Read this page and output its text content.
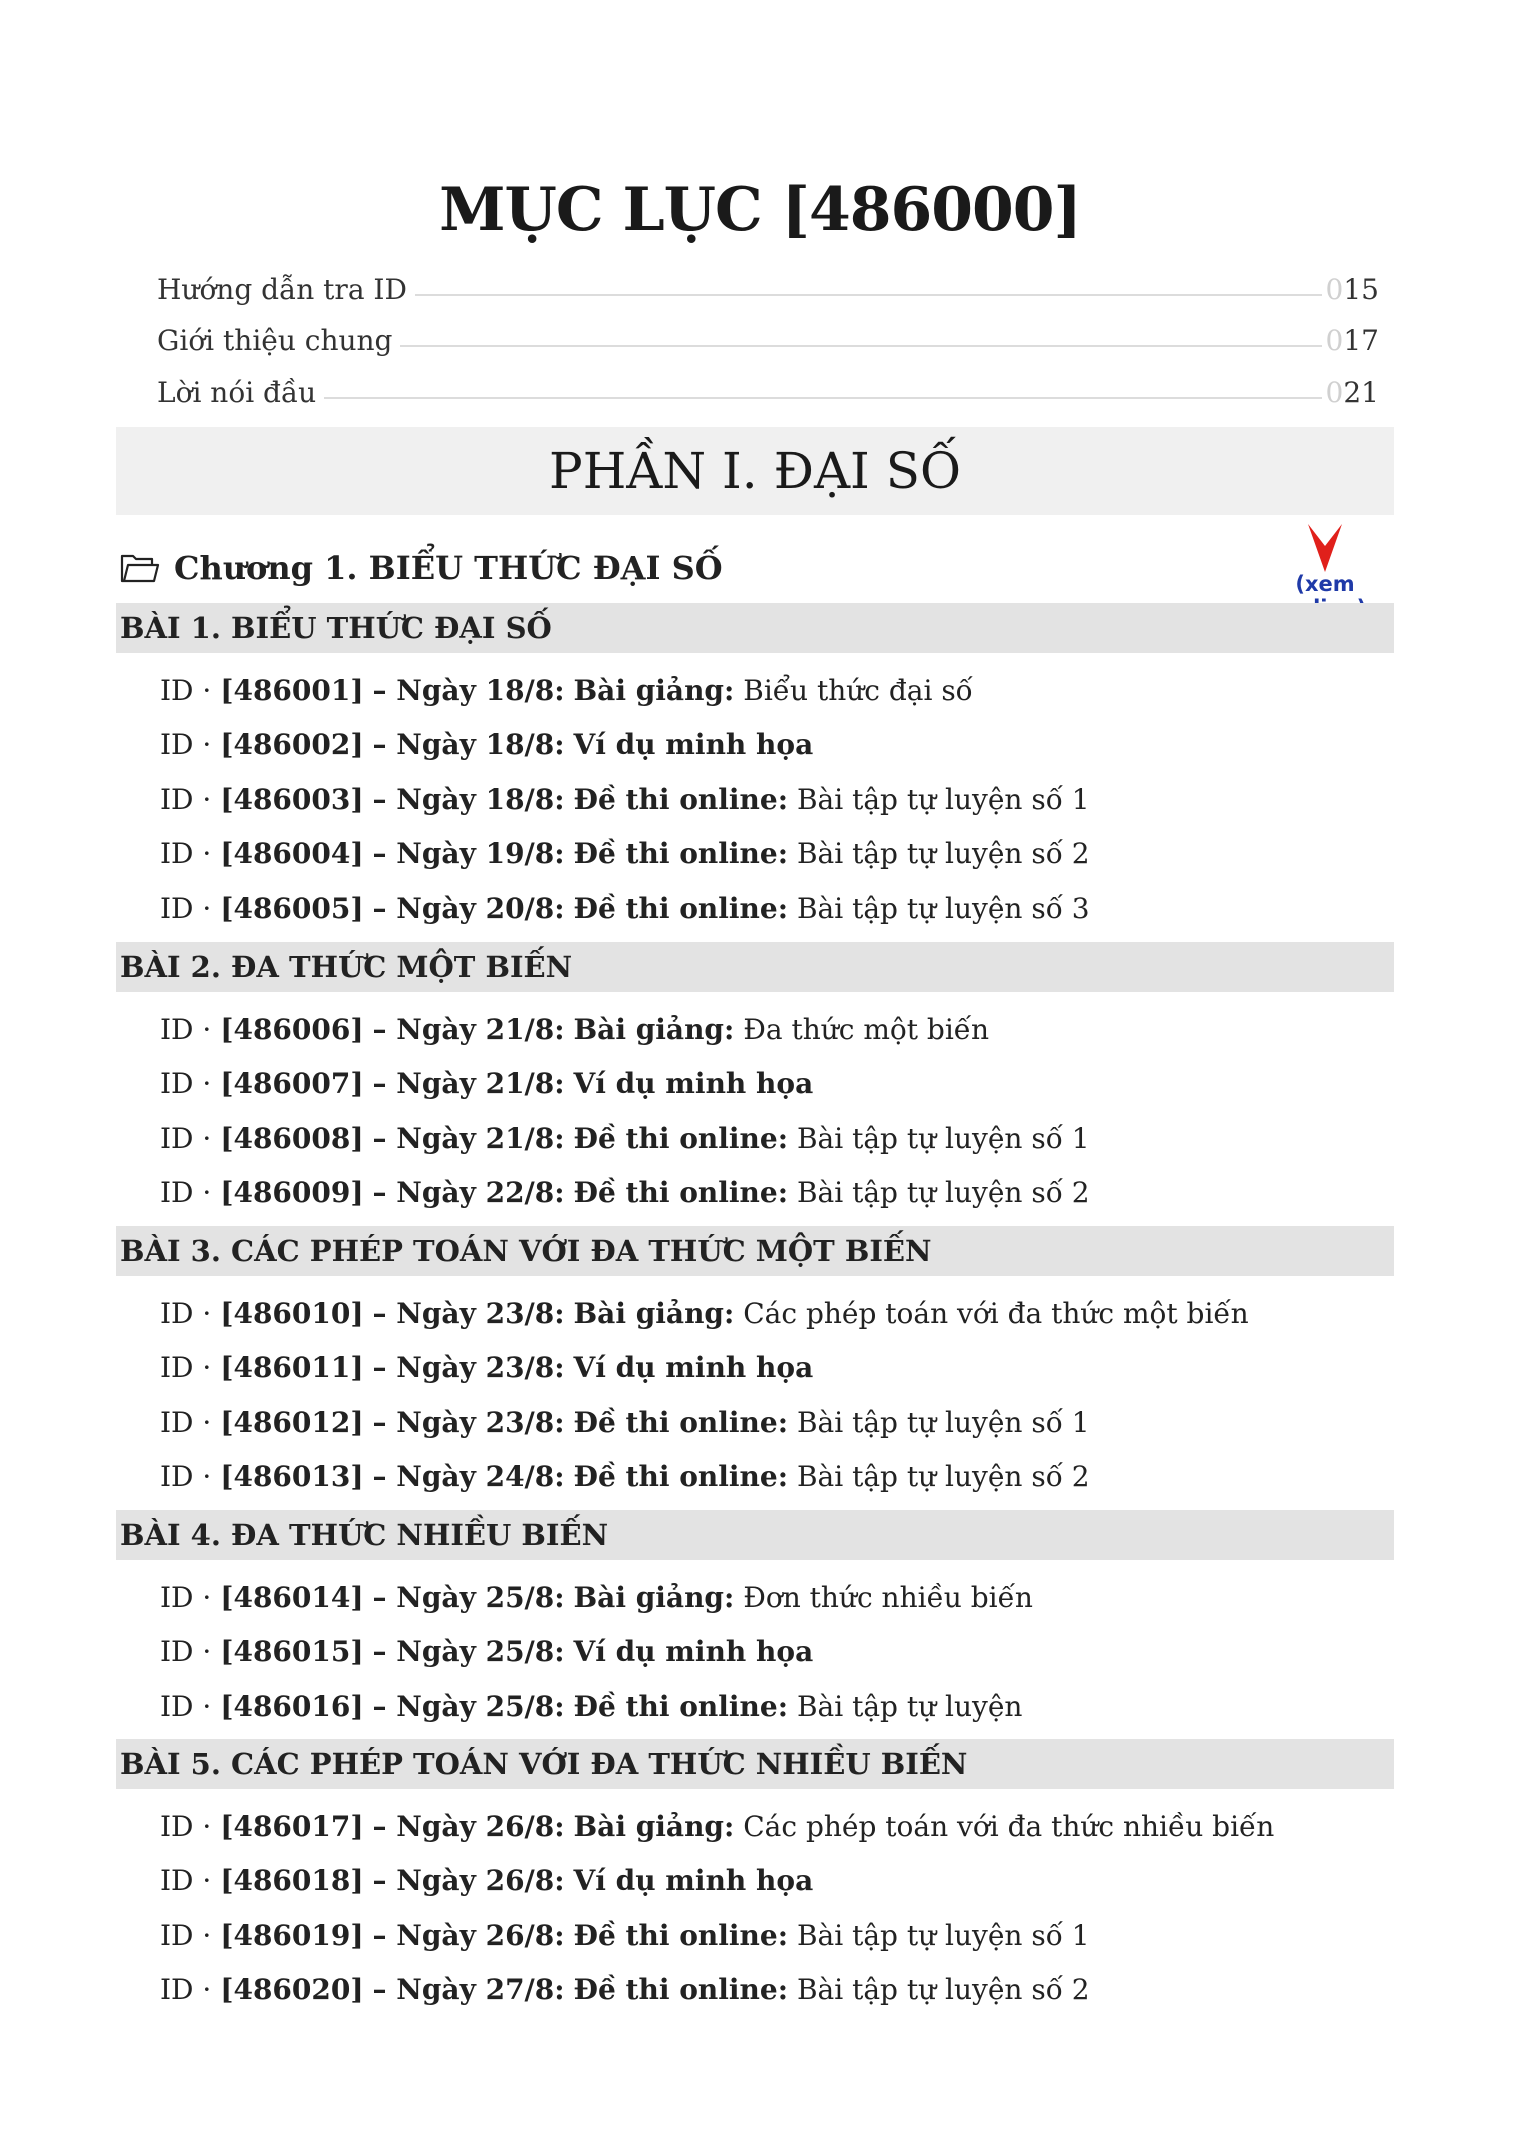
MỤC LỤC [486000]
Hướng dẫn tra ID	015
Giới thiệu chung	017
Lời nói đầu	021
PHẦN I. ĐẠI SỐ
Chương 1. BIỂU THỨC ĐẠI SỐ	(xem
BÀI 1. BIỂU THỨC ĐẠI SỐ
ID · [486001] – Ngày 18/8: Bài giảng: Biểu thức đại số
ID · [486002] – Ngày 18/8: Ví dụ minh họa
ID · [486003] – Ngày 18/8: Đề thi online: Bài tập tự luyện số 1
ID · [486004] – Ngày 19/8: Đề thi online: Bài tập tự luyện số 2
ID · [486005] – Ngày 20/8: Đề thi online: Bài tập tự luyện số 3
BÀI 2. ĐA THỨC MỘT BIẾN
ID · [486006] – Ngày 21/8: Bài giảng: Đa thức một biến
ID · [486007] – Ngày 21/8: Ví dụ minh họa
ID · [486008] – Ngày 21/8: Đề thi online: Bài tập tự luyện số 1
ID · [486009] – Ngày 22/8: Đề thi online: Bài tập tự luyện số 2
BÀI 3. CÁC PHÉP TOÁN VỚI ĐA THỨC MỘT BIẾN
ID · [486010] – Ngày 23/8: Bài giảng: Các phép toán với đa thức một biến
ID · [486011] – Ngày 23/8: Ví dụ minh họa
ID · [486012] – Ngày 23/8: Đề thi online: Bài tập tự luyện số 1
ID · [486013] – Ngày 24/8: Đề thi online: Bài tập tự luyện số 2
BÀI 4. ĐA THỨC NHIỀU BIẾN
ID · [486014] – Ngày 25/8: Bài giảng: Đơn thức nhiều biến
ID · [486015] – Ngày 25/8: Ví dụ minh họa
ID · [486016] – Ngày 25/8: Đề thi online: Bài tập tự luyện
BÀI 5. CÁC PHÉP TOÁN VỚI ĐA THỨC NHIỀU BIẾN
ID · [486017] – Ngày 26/8: Bài giảng: Các phép toán với đa thức nhiều biến
ID · [486018] – Ngày 26/8: Ví dụ minh họa
ID · [486019] – Ngày 26/8: Đề thi online: Bài tập tự luyện số 1
ID · [486020] – Ngày 27/8: Đề thi online: Bài tập tự luyện số 2
